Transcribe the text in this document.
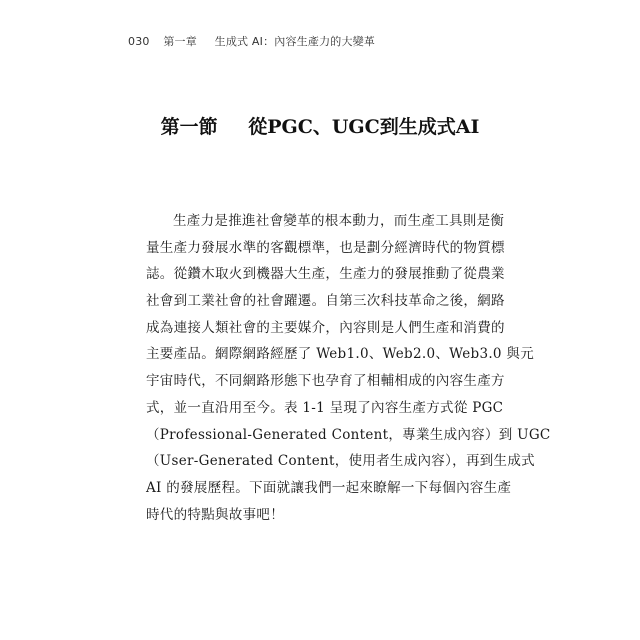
030 第一章 生成式 AI：內容生產力的大變革
第一節 從PGC、UGC到生成式AI
生產力是推進社會變革的根本動力，而生產工具則是衡
量生產力發展水準的客觀標準，也是劃分經濟時代的物質標
誌。從鑽木取火到機器大生產，生產力的發展推動了從農業
社會到工業社會的社會躍遷。自第三次科技革命之後，網路
成為連接人類社會的主要媒介，內容則是人們生產和消費的
主要產品。網際網路經歷了 Web1.0、Web2.0、Web3.0 與元
宇宙時代，不同網路形態下也孕育了相輔相成的內容生產方
式，並一直沿用至今。表 1-1 呈現了內容生產方式從 PGC
（Professional-Generated Content，專業生成內容）到 UGC
（User-Generated Content，使用者生成內容），再到生成式
AI 的發展歷程。下面就讓我們一起來瞭解一下每個內容生產
時代的特點與故事吧！
